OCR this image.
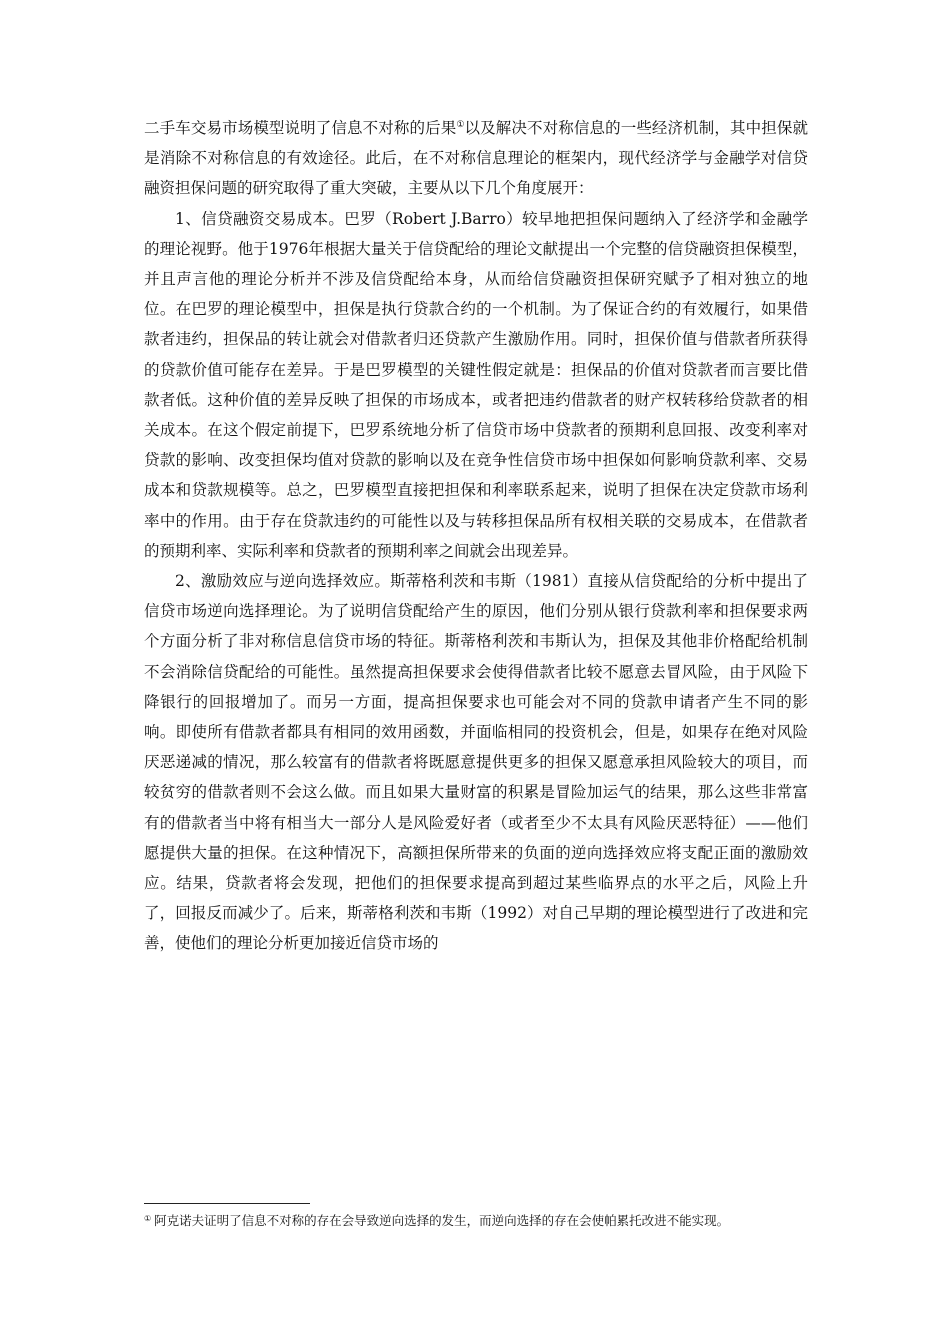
二手车交易市场模型说明了信息不对称的后果①以及解决不对称信息的一些经济机制，其中担保就是消除不对称信息的有效途径。此后，在不对称信息理论的框架内，现代经济学与金融学对信贷融资担保问题的研究取得了重大突破，主要从以下几个角度展开：

1、信贷融资交易成本。巴罗（Robert J.Barro）较早地把担保问题纳入了经济学和金融学的理论视野。他于1976年根据大量关于信贷配给的理论文献提出一个完整的信贷融资担保模型，并且声言他的理论分析并不涉及信贷配给本身，从而给信贷融资担保研究赋予了相对独立的地位。在巴罗的理论模型中，担保是执行贷款合约的一个机制。为了保证合约的有效履行，如果借款者违约，担保品的转让就会对借款者归还贷款产生激励作用。同时，担保价值与借款者所获得的贷款价值可能存在差异。于是巴罗模型的关键性假定就是：担保品的价值对贷款者而言要比借款者低。这种价值的差异反映了担保的市场成本，或者把违约借款者的财产权转移给贷款者的相关成本。在这个假定前提下，巴罗系统地分析了信贷市场中贷款者的预期利息回报、改变利率对贷款的影响、改变担保均值对贷款的影响以及在竞争性信贷市场中担保如何影响贷款利率、交易成本和贷款规模等。总之，巴罗模型直接把担保和利率联系起来，说明了担保在决定贷款市场利率中的作用。由于存在贷款违约的可能性以及与转移担保品所有权相关联的交易成本，在借款者的预期利率、实际利率和贷款者的预期利率之间就会出现差异。

2、激励效应与逆向选择效应。斯蒂格利茨和韦斯（1981）直接从信贷配给的分析中提出了信贷市场逆向选择理论。为了说明信贷配给产生的原因，他们分别从银行贷款利率和担保要求两个方面分析了非对称信息信贷市场的特征。斯蒂格利茨和韦斯认为，担保及其他非价格配给机制不会消除信贷配给的可能性。虽然提高担保要求会使得借款者比较不愿意去冒风险，由于风险下降银行的回报增加了。而另一方面，提高担保要求也可能会对不同的贷款申请者产生不同的影响。即使所有借款者都具有相同的效用函数，并面临相同的投资机会，但是，如果存在绝对风险厌恶递减的情况，那么较富有的借款者将既愿意提供更多的担保又愿意承担风险较大的项目，而较贫穷的借款者则不会这么做。而且如果大量财富的积累是冒险加运气的结果，那么这些非常富有的借款者当中将有相当大一部分人是风险爱好者（或者至少不太具有风险厌恶特征）——他们愿提供大量的担保。在这种情况下，高额担保所带来的负面的逆向选择效应将支配正面的激励效应。结果，贷款者将会发现，把他们的担保要求提高到超过某些临界点的水平之后，风险上升了，回报反而减少了。后来，斯蒂格利茨和韦斯（1992）对自己早期的理论模型进行了改进和完善，使他们的理论分析更加接近信贷市场的

① 阿克诺夫证明了信息不对称的存在会导致逆向选择的发生，而逆向选择的存在会使帕累托改进不能实现。
